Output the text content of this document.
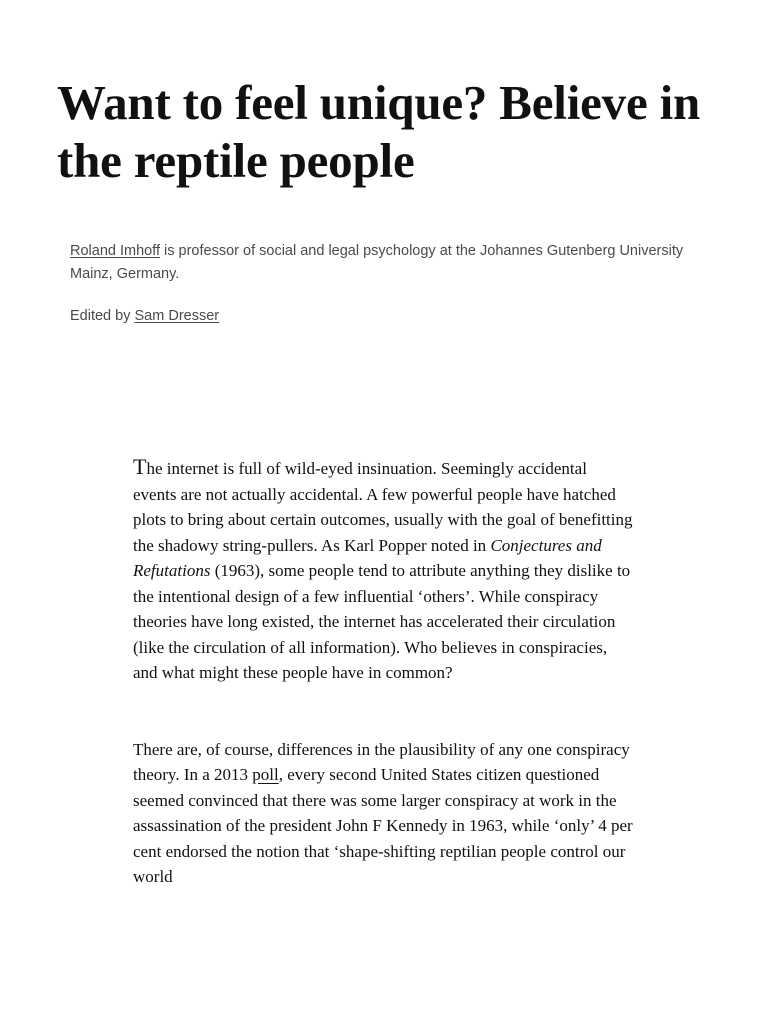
Want to feel unique? Believe in the reptile people

Roland Imhoff is professor of social and legal psychology at the Johannes Gutenberg University Mainz, Germany.

Edited by Sam Dresser

The internet is full of wild-eyed insinuation. Seemingly accidental events are not actually accidental. A few powerful people have hatched plots to bring about certain outcomes, usually with the goal of benefitting the shadowy string-pullers. As Karl Popper noted in Conjectures and Refutations (1963), some people tend to attribute anything they dislike to the intentional design of a few influential ‘others’. While conspiracy theories have long existed, the internet has accelerated their circulation (like the circulation of all information). Who believes in conspiracies, and what might these people have in common?

There are, of course, differences in the plausibility of any one conspiracy theory. In a 2013 poll, every second United States citizen questioned seemed convinced that there was some larger conspiracy at work in the assassination of the president John F Kennedy in 1963, while ‘only’ 4 per cent endorsed the notion that ‘shape-shifting reptilian people control our world
